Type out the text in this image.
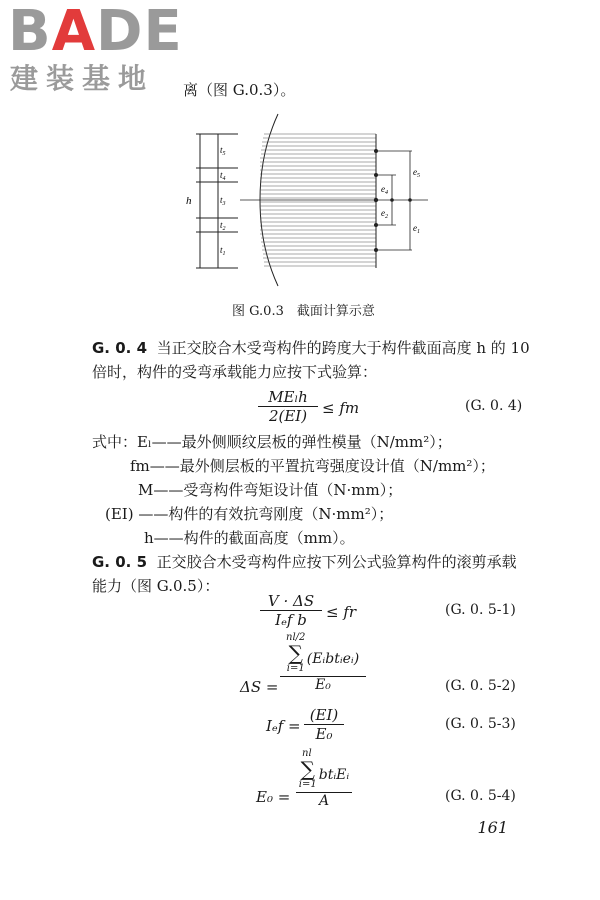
BADE
建装基地 离（图 G.0.3）。
h
$t_5$
$t_4$
$t_3$
$t_2$
$t_1$
$e_5$
$e_4$
$e_2$
$e_1$
图 G.0.3　截面计算示意
G. 0. 4 当正交胶合木受弯构件的跨度大于构件截面高度 h 的 10
倍时，构件的受弯承载能力应按下式验算：
MEₗh
2(EI) ≤ fm	(G. 0. 4)
式中：Eₗ——最外侧顺纹层板的弹性模量（N/mm²）；
fm——最外侧层板的平置抗弯强度设计值（N/mm²）；
M——受弯构件弯矩设计值（N·mm）；
(EI) ——构件的有效抗弯刚度（N·mm²）；
h——构件的截面高度（mm）。
G. 0. 5 正交胶合木受弯构件应按下列公式验算构件的滚剪承载
能力（图 G.0.5）：
V · ΔS
Iₑf b	≤ fr	(G. 0. 5-1)
ΔS =
nl/2
∑
i=1
(Eᵢbtᵢeᵢ)
E₀	(G. 0. 5-2)
$I_ef = \frac{(EI)}{\text{E₀}}$	(G. 0. 5-3)
E₀ =
nl
∑
i=1
btᵢEᵢ
A	(G. 0. 5-4)
161
